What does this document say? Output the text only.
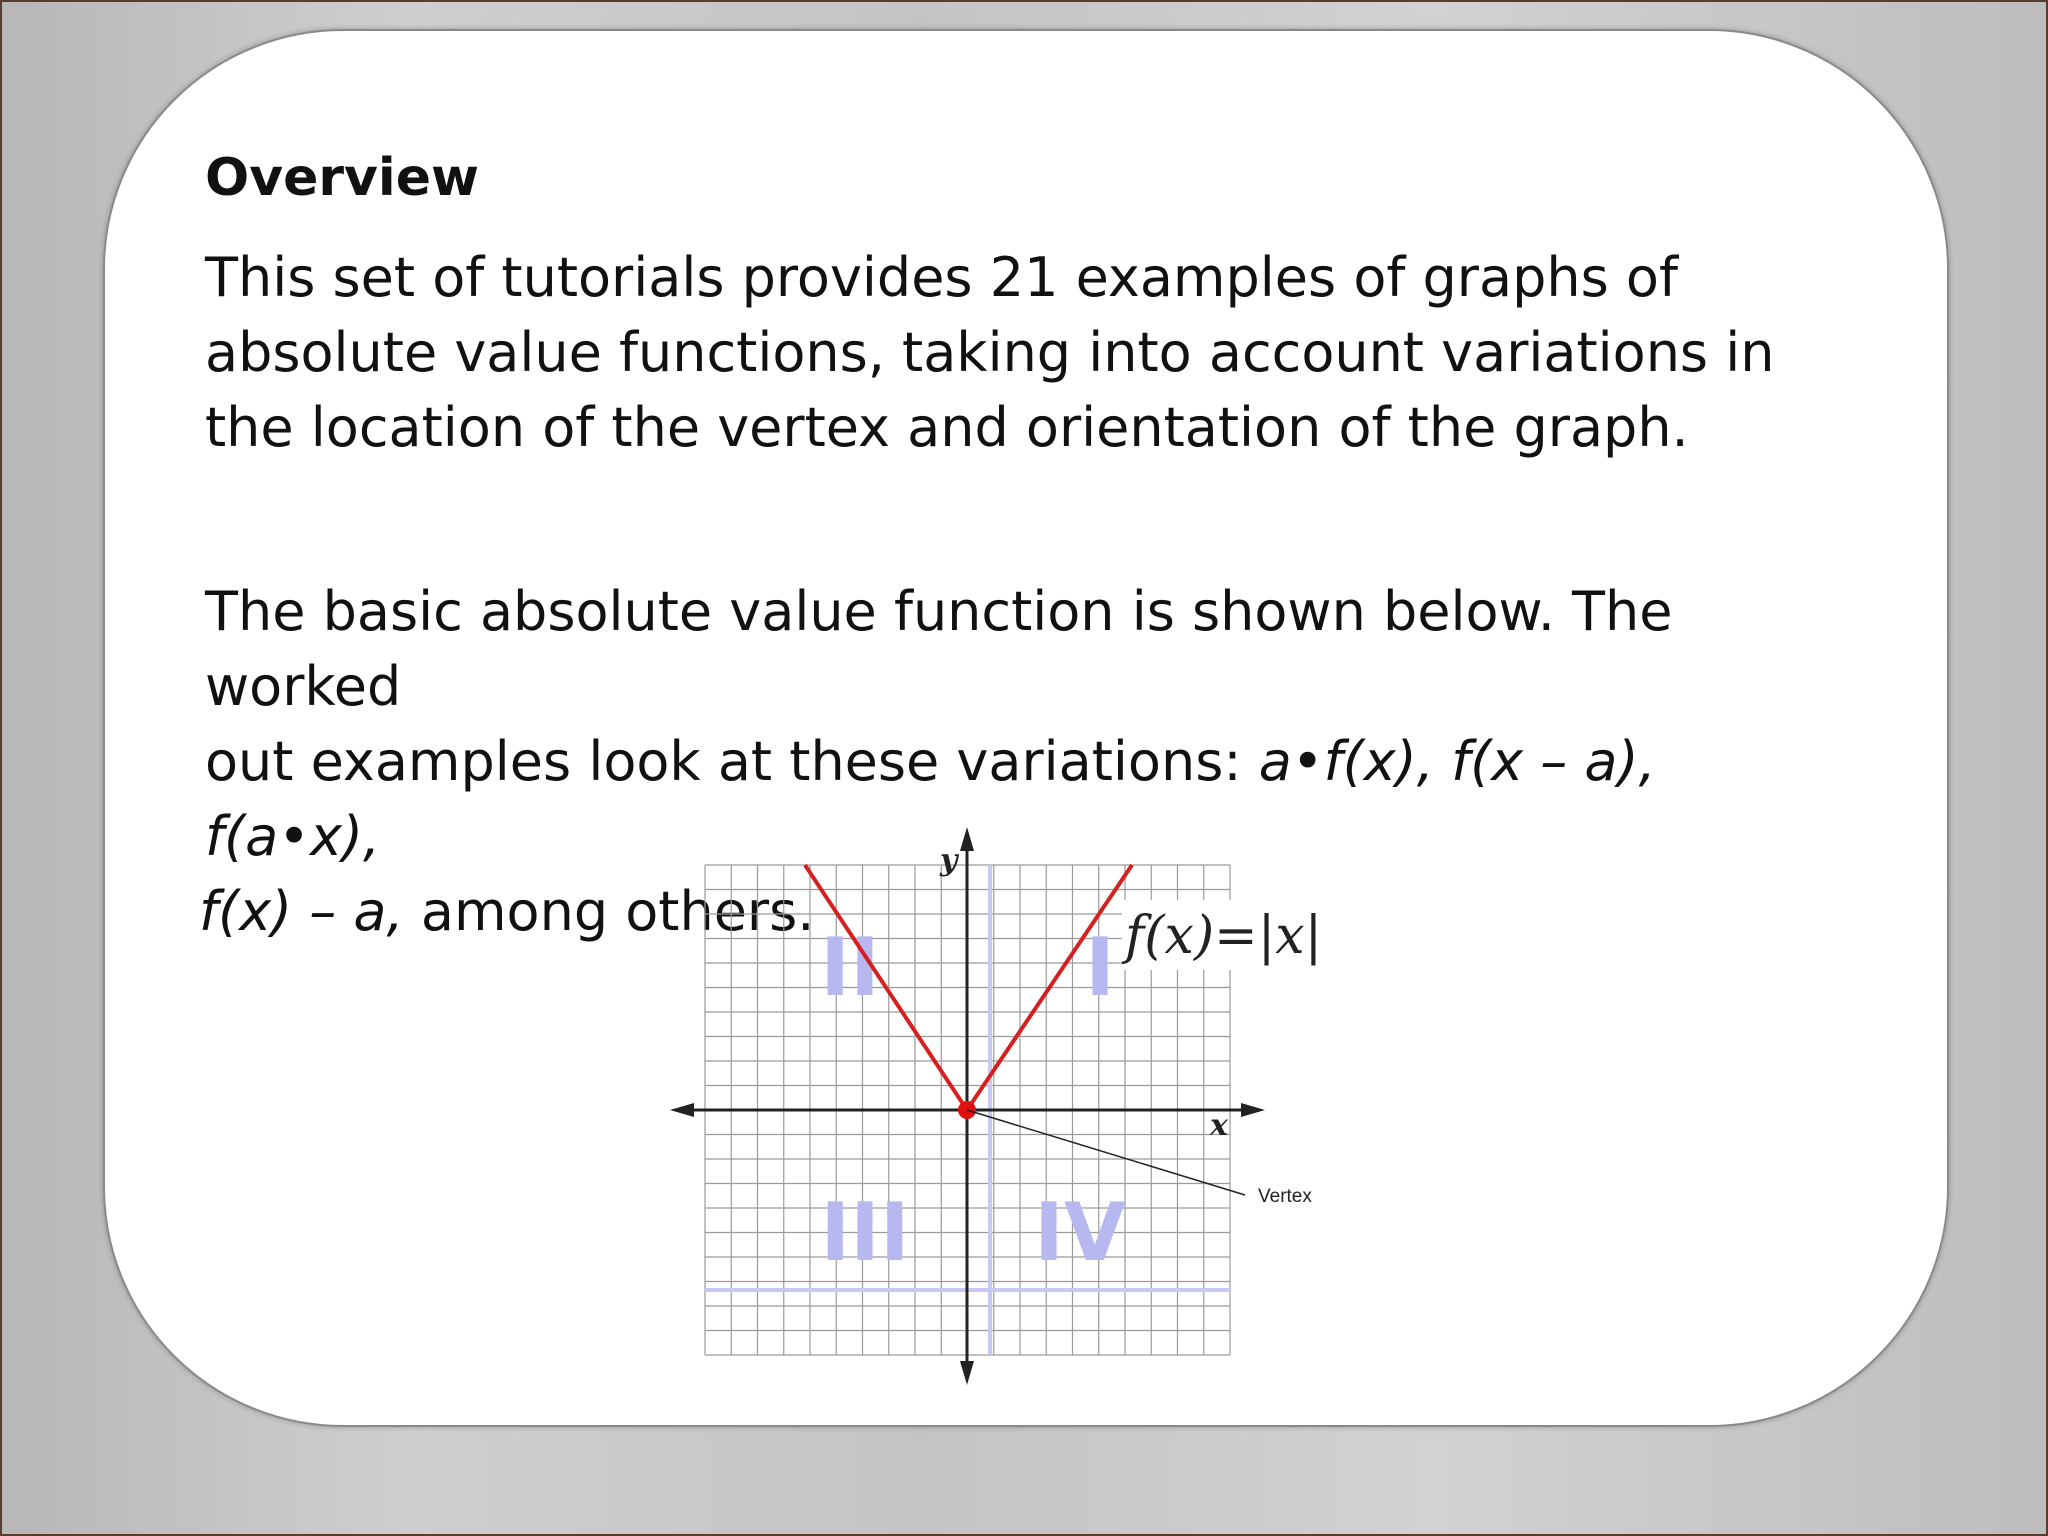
Overview
This set of tutorials provides 21 examples of graphs of absolute value functions, taking into account variations in the location of the vertex and orientation of the graph.
The basic absolute value function is shown below. The worked
out examples look at these variations: a•f(x), f(x – a), f(a•x),
f(x) – a, among others.
II	I
III IV
y
x
Vertex
f(x)=|x|
